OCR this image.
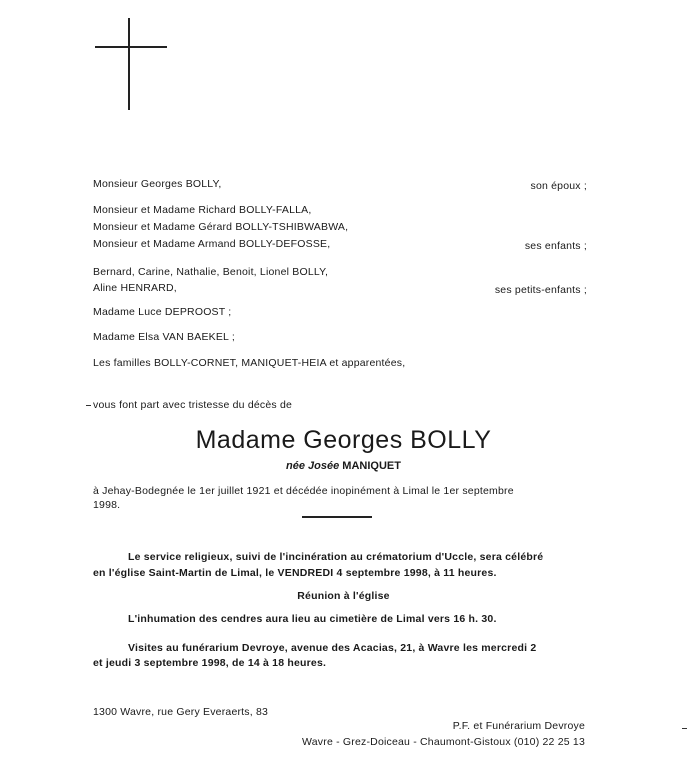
Monsieur Georges BOLLY,	son époux ;
Monsieur et Madame Richard BOLLY-FALLA,
Monsieur et Madame Gérard BOLLY-TSHIBWABWA,
Monsieur et Madame Armand BOLLY-DEFOSSE,	ses enfants ;
Bernard, Carine, Nathalie, Benoit, Lionel BOLLY,
Aline HENRARD,	ses petits-enfants ;
Madame Luce DEPROOST ;
Madame Elsa VAN BAEKEL ;
Les familles BOLLY-CORNET, MANIQUET-HEIA et apparentées,
vous font part avec tristesse du décès de
Madame Georges BOLLY
née Josée MANIQUET
à Jehay-Bodegnée le 1er juillet 1921 et décédée inopinément à Limal le 1er septembre
1998.
Le service religieux, suivi de l'incinération au crématorium d'Uccle, sera célébré
en l'église Saint-Martin de Limal, le VENDREDI 4 septembre 1998, à 11 heures.
Réunion à l'église
L'inhumation des cendres aura lieu au cimetière de Limal vers 16 h. 30.
Visites au funérarium Devroye, avenue des Acacias, 21, à Wavre les mercredi 2
et jeudi 3 septembre 1998, de 14 à 18 heures.
1300 Wavre, rue Gery Everaerts, 83
P.F. et Funérarium Devroye
Wavre - Grez-Doiceau - Chaumont-Gistoux (010) 22 25 13
